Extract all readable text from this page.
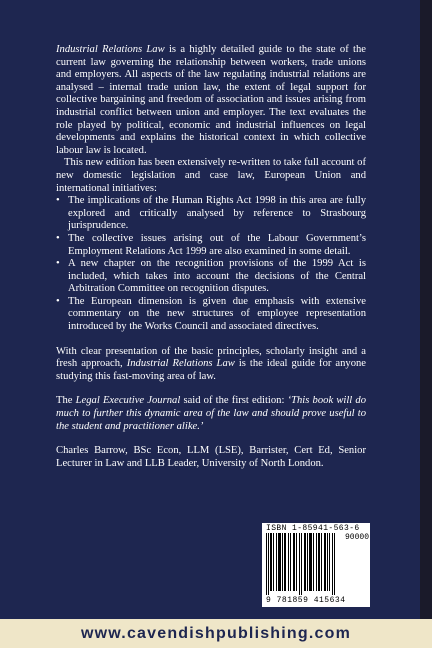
Industrial Relations Law is a highly detailed guide to the state of the current law governing the relationship between workers, trade unions and employers. All aspects of the law regulating industrial relations are analysed – internal trade union law, the extent of legal support for collective bargaining and freedom of association and issues arising from industrial conflict between union and employer. The text evaluates the role played by political, economic and industrial influences on legal developments and explains the historical context in which collective labour law is located.

This new edition has been extensively re-written to take full account of new domestic legislation and case law, European Union and international initiatives:

• The implications of the Human Rights Act 1998 in this area are fully explored and critically analysed by reference to Strasbourg jurisprudence.
• The collective issues arising out of the Labour Government’s Employment Relations Act 1999 are also examined in some detail.
• A new chapter on the recognition provisions of the 1999 Act is included, which takes into account the decisions of the Central Arbitration Committee on recognition disputes.
• The European dimension is given due emphasis with extensive commentary on the new structures of employee representation introduced by the Works Council and associated directives.

With clear presentation of the basic principles, scholarly insight and a fresh approach, Industrial Relations Law is the ideal guide for anyone studying this fast-moving area of law.

The Legal Executive Journal said of the first edition: ‘This book will do much to further this dynamic area of the law and should prove useful to the student and practitioner alike.’

Charles Barrow, BSc Econ, LLM (LSE), Barrister, Cert Ed, Senior Lecturer in Law and LLB Leader, University of North London.

ISBN 1-85941-563-6
90000
9 781859 415634
www.cavendishpublishing.com
